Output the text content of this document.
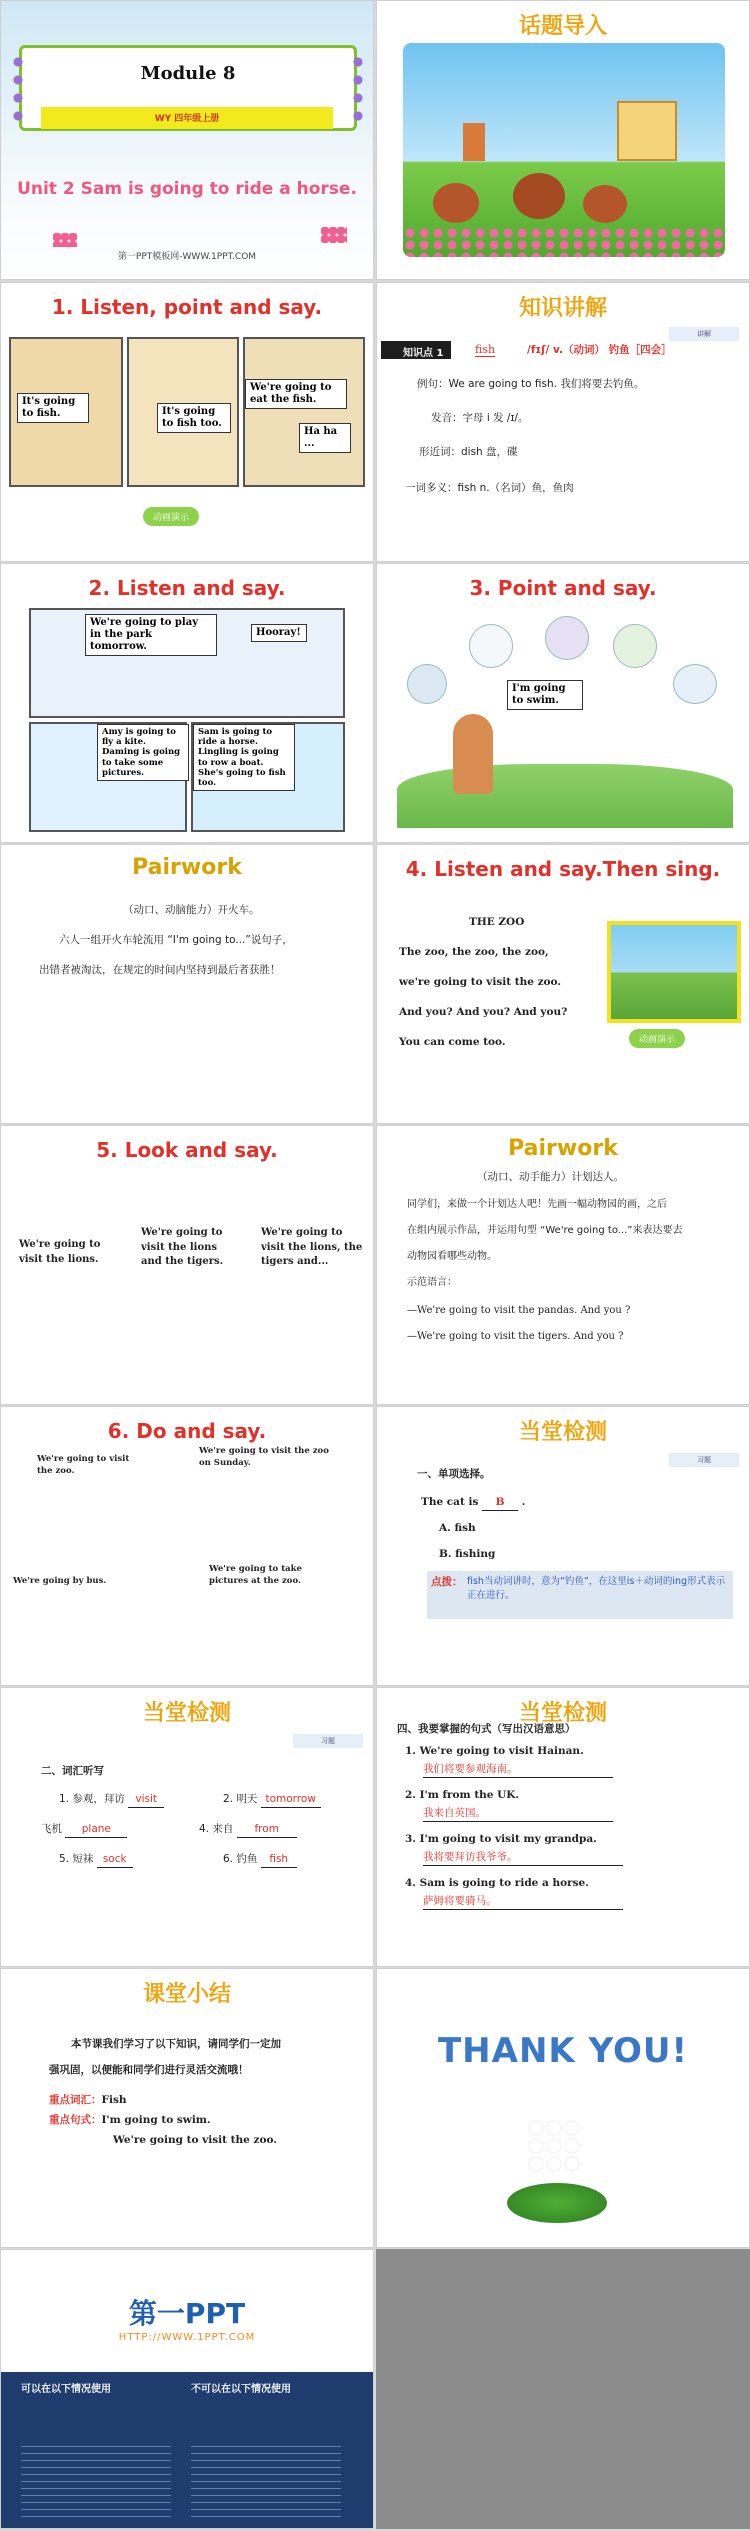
Module 8
WY 四年级上册
Unit 2 Sam is going to ride a horse.
第一PPT模板网-WWW.1PPT.COM
话题导入
1. Listen, point and say.
It's going to fish.	It's going to fish too.
We're going to eat the fish.
Ha ha ...
动画演示
知识讲解
讲解
知识点 1	fish	/fɪʃ/ v.（动词） 钓鱼［四会］
例句：We are going to fish. 我们将要去钓鱼。
发音：字母 i 发 /ɪ/。
形近词：dish 盘，碟
一词多义：fish n.（名词）鱼，鱼肉
2. Listen and say.
We're going to play in the park tomorrow.
Hooray!
Amy is going to fly a kite. Daming is going to take some pictures.
Sam is going to ride a horse. Lingling is going to row a boat. She's going to fish too.
3. Point and say.
I'm going to swim.
Pairwork
（动口、动脑能力）开火车。
六人一组开火车轮流用 “I'm going to...”说句子，
出错者被淘汰，在规定的时间内坚持到最后者获胜！
4. Listen and say.Then sing.
THE ZOO
The zoo, the zoo, the zoo,
we're going to visit the zoo.
And you? And you? And you?
You can come too.	动画演示
5. Look and say.
We're going to visit the lions.
We're going to visit the lions and the tigers.
We're going to visit the lions, the tigers and...
Pairwork
（动口、动手能力）计划达人。
同学们，来做一个计划达人吧！先画一幅动物园的画，之后
在组内展示作品，并运用句型 “We're going to...”来表达要去
动物园看哪些动物。
示范语言：
—We're going to visit the pandas. And you ?
—We're going to visit the tigers. And you ?
6. Do and say.
We're going to visit the zoo.
We're going to visit the zoo on Sunday.
We're going by bus.
We're going to take pictures at the zoo.
当堂检测
习题
一、单项选择。
The cat is B .
A. fish
B. fishing
点拨： fish当动词讲时，意为“钓鱼”，在这里is＋动词的ing形式表示正在进行。
当堂检测
习题
二、词汇听写
1. 参观，拜访 visit	2. 明天 tomorrow
飞机 plane	4. 来自 from
5. 短袜 sock	6. 钓鱼 fish
当堂检测
四、我要掌握的句式（写出汉语意思）
1. We're going to visit Hainan.
我们将要参观海南。
2. I'm from the UK.
我来自英国。
3. I'm going to visit my grandpa.
我将要拜访我爷爷。
4. Sam is going to ride a horse.
萨姆将要骑马。
课堂小结
本节课我们学习了以下知识，请同学们一定加
强巩固，以便能和同学们进行灵活交流哦！
重点词汇：Fish
重点句式：I'm going to swim.
We're going to visit the zoo.
THANK YOU!
第一PPT
HTTP://WWW.1PPT.COM
可以在以下情况使用	不可以在以下情况使用
